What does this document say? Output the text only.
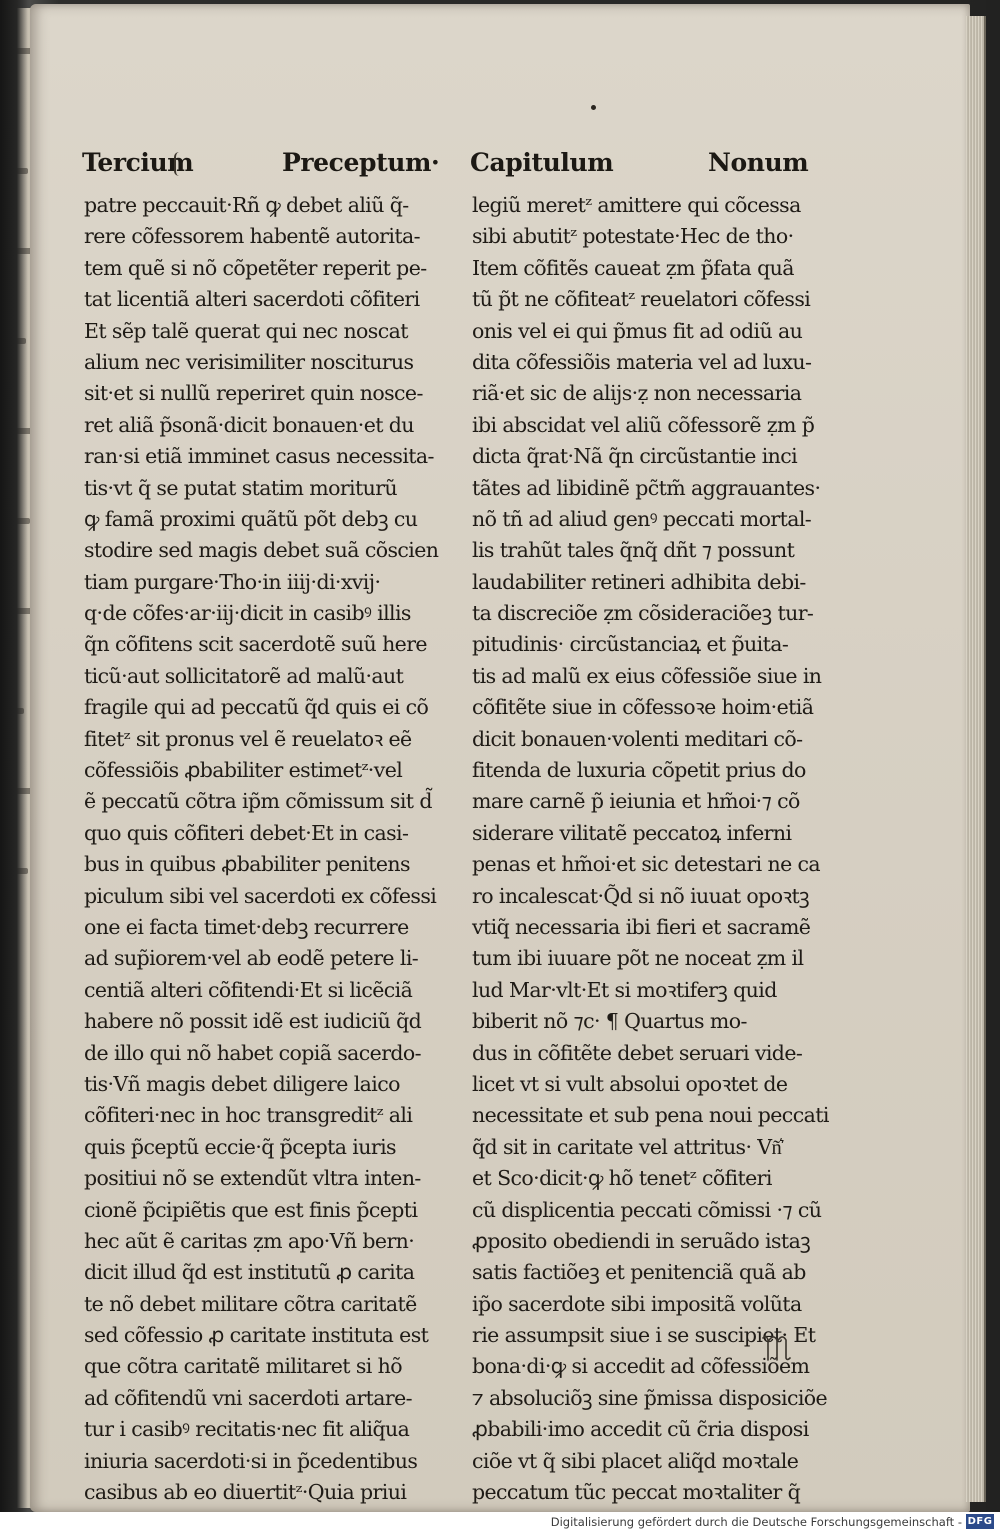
Tercium	Preceptum· Capitulum	Nonum
patre peccauit·Rñ ꝙ debet aliũ q̃-
rere cõfessorem habentẽ autorita-
tem quẽ si nõ cõpetẽter reperit pe-
tat licentiã alteri sacerdoti cõfiteri
Et sẽp talẽ querat qui nec noscat
alium nec verisimiliter nosciturus
sit·et si nullũ reperiret quin nosce-
ret aliã p̃sonã·dicit bonauen·et du
ran·si etiã imminet casus necessita-
tis·vt q̃ se putat statim moriturũ
ꝙ famã proximi quãtũ põt debꝫ cu
stodire sed magis debet suã cõscien
tiam purgare·Tho·in iiij·di·xvij·
q·de cõfes·ar·iij·dicit in casibꝰ illis
q̃n cõfitens scit sacerdotẽ suũ here
ticũ·aut sollicitatorẽ ad malũ·aut
fragile qui ad peccatũ q̃d quis ei cõ
fitetᶻ sit pronus vel ẽ reuelatoꝛ eẽ
cõfessiõis ꝓbabiliter estimetᶻ·vel
ẽ peccatũ cõtra ip̃m cõmissum sit d̃
quo quis cõfiteri debet·Et in casi-
bus in quibus ꝓbabiliter penitens
piculum sibi vel sacerdoti ex cõfessi
one ei facta timet·debꝫ recurrere
ad sup̃iorem·vel ab eodẽ petere li-
centiã alteri cõfitendi·Et si licẽciã
habere nõ possit idẽ est iudiciũ q̃d
de illo qui nõ habet copiã sacerdo-
tis·Vñ magis debet diligere laico
cõfiteri·nec in hoc transgreditᶻ ali
quis p̃ceptũ eccie·q̃ p̃cepta iuris
positiui nõ se extendũt vltra inten-
cionẽ p̃cipiẽtis que est finis p̃cepti
hec aũt ẽ caritas ẓm apo·Vñ bern·
dicit illud q̃d est institutũ ꝓ carita
te nõ debet militare cõtra caritatẽ
sed cõfessio ꝓ caritate instituta est
que cõtra caritatẽ militaret si hõ
ad cõfitendũ vni sacerdoti artare-
tur i casibꝰ recitatis·nec fit aliq̃ua
iniuria sacerdoti·si in p̃cedentibus
casibus ab eo diuertitᶻ·Quia priui
legiũ meretᶻ amittere qui cõcessa
sibi abutitᶻ potestate·Hec de tho·
Item cõfitẽs caueat ẓm p̃fata quã
tũ p̃t ne cõfiteatᶻ reuelatori cõfessi
onis vel ei qui p̃mus fit ad odiũ au
dita cõfessiõis materia vel ad luxu-
riã·et sic de alijs·ẓ non necessaria
ibi abscidat vel aliũ cõfessorẽ ẓm p̃
dicta q̃rat·Nã q̃n circũstantie inci
tãtes ad libidinẽ pc̃tm̃ aggrauantes·
nõ tñ ad aliud genꝰ peccati mortal-
lis trahũt tales q̃nq̃ dñt ⁊ possunt
laudabiliter retineri adhibita debi-
ta discreciõe ẓm cõsideraciõeꝫ tur-
pitudinis· circũstanciaꝝ et p̃uita-
tis ad malũ ex eius cõfessiõe siue in
cõfitẽte siue in cõfessoꝛe hoim·etiã
dicit bonauen·volenti meditari cõ-
fitenda de luxuria cõpetit prius do
mare carnẽ p̃ ieiunia et hm̃oi·⁊ cõ
siderare vilitatẽ peccatoꝝ inferni
penas et hm̃oi·et sic detestari ne ca
ro incalescat·Q̃d si nõ iuuat opoꝛtꝫ
vtiq̃ necessaria ibi fieri et sacramẽ
tum ibi iuuare põt ne noceat ẓm il
lud Mar·vlt·Et si moꝛtiferꝫ quid
biberit nõ ⁊c· ¶ Quartus mo-
dus in cõfitẽte debet seruari vide-
licet vt si vult absolui opoꝛtet de
necessitate et sub pena noui peccati
q̃d sit in caritate vel attritus· Vñ͛
et Sco·dicit·ꝙ hõ tenetᶻ cõfiteri
cũ displicentia peccati cõmissi ·⁊ cũ
ꝓposito obediendi in seruãdo istaꝫ
satis factiõeꝫ et penitenciã quã ab
ip̃o sacerdote sibi impositã volũta
rie assumpsit siue i se suscipiet· Et
bona·di·ꝙ si accedit ad cõfessiõem
⁊ absoluciõꝫ sine p̃missa disposiciõe
ꝓbabili·imo accedit cũ c̃ria disposi
ciõe vt q̃ sibi placet aliq̃d moꝛtale
peccatum tũc peccat moꝛtaliter q̃
Digitalisierung gefördert durch die Deutsche Forschungsgemeinschaft - DFG
